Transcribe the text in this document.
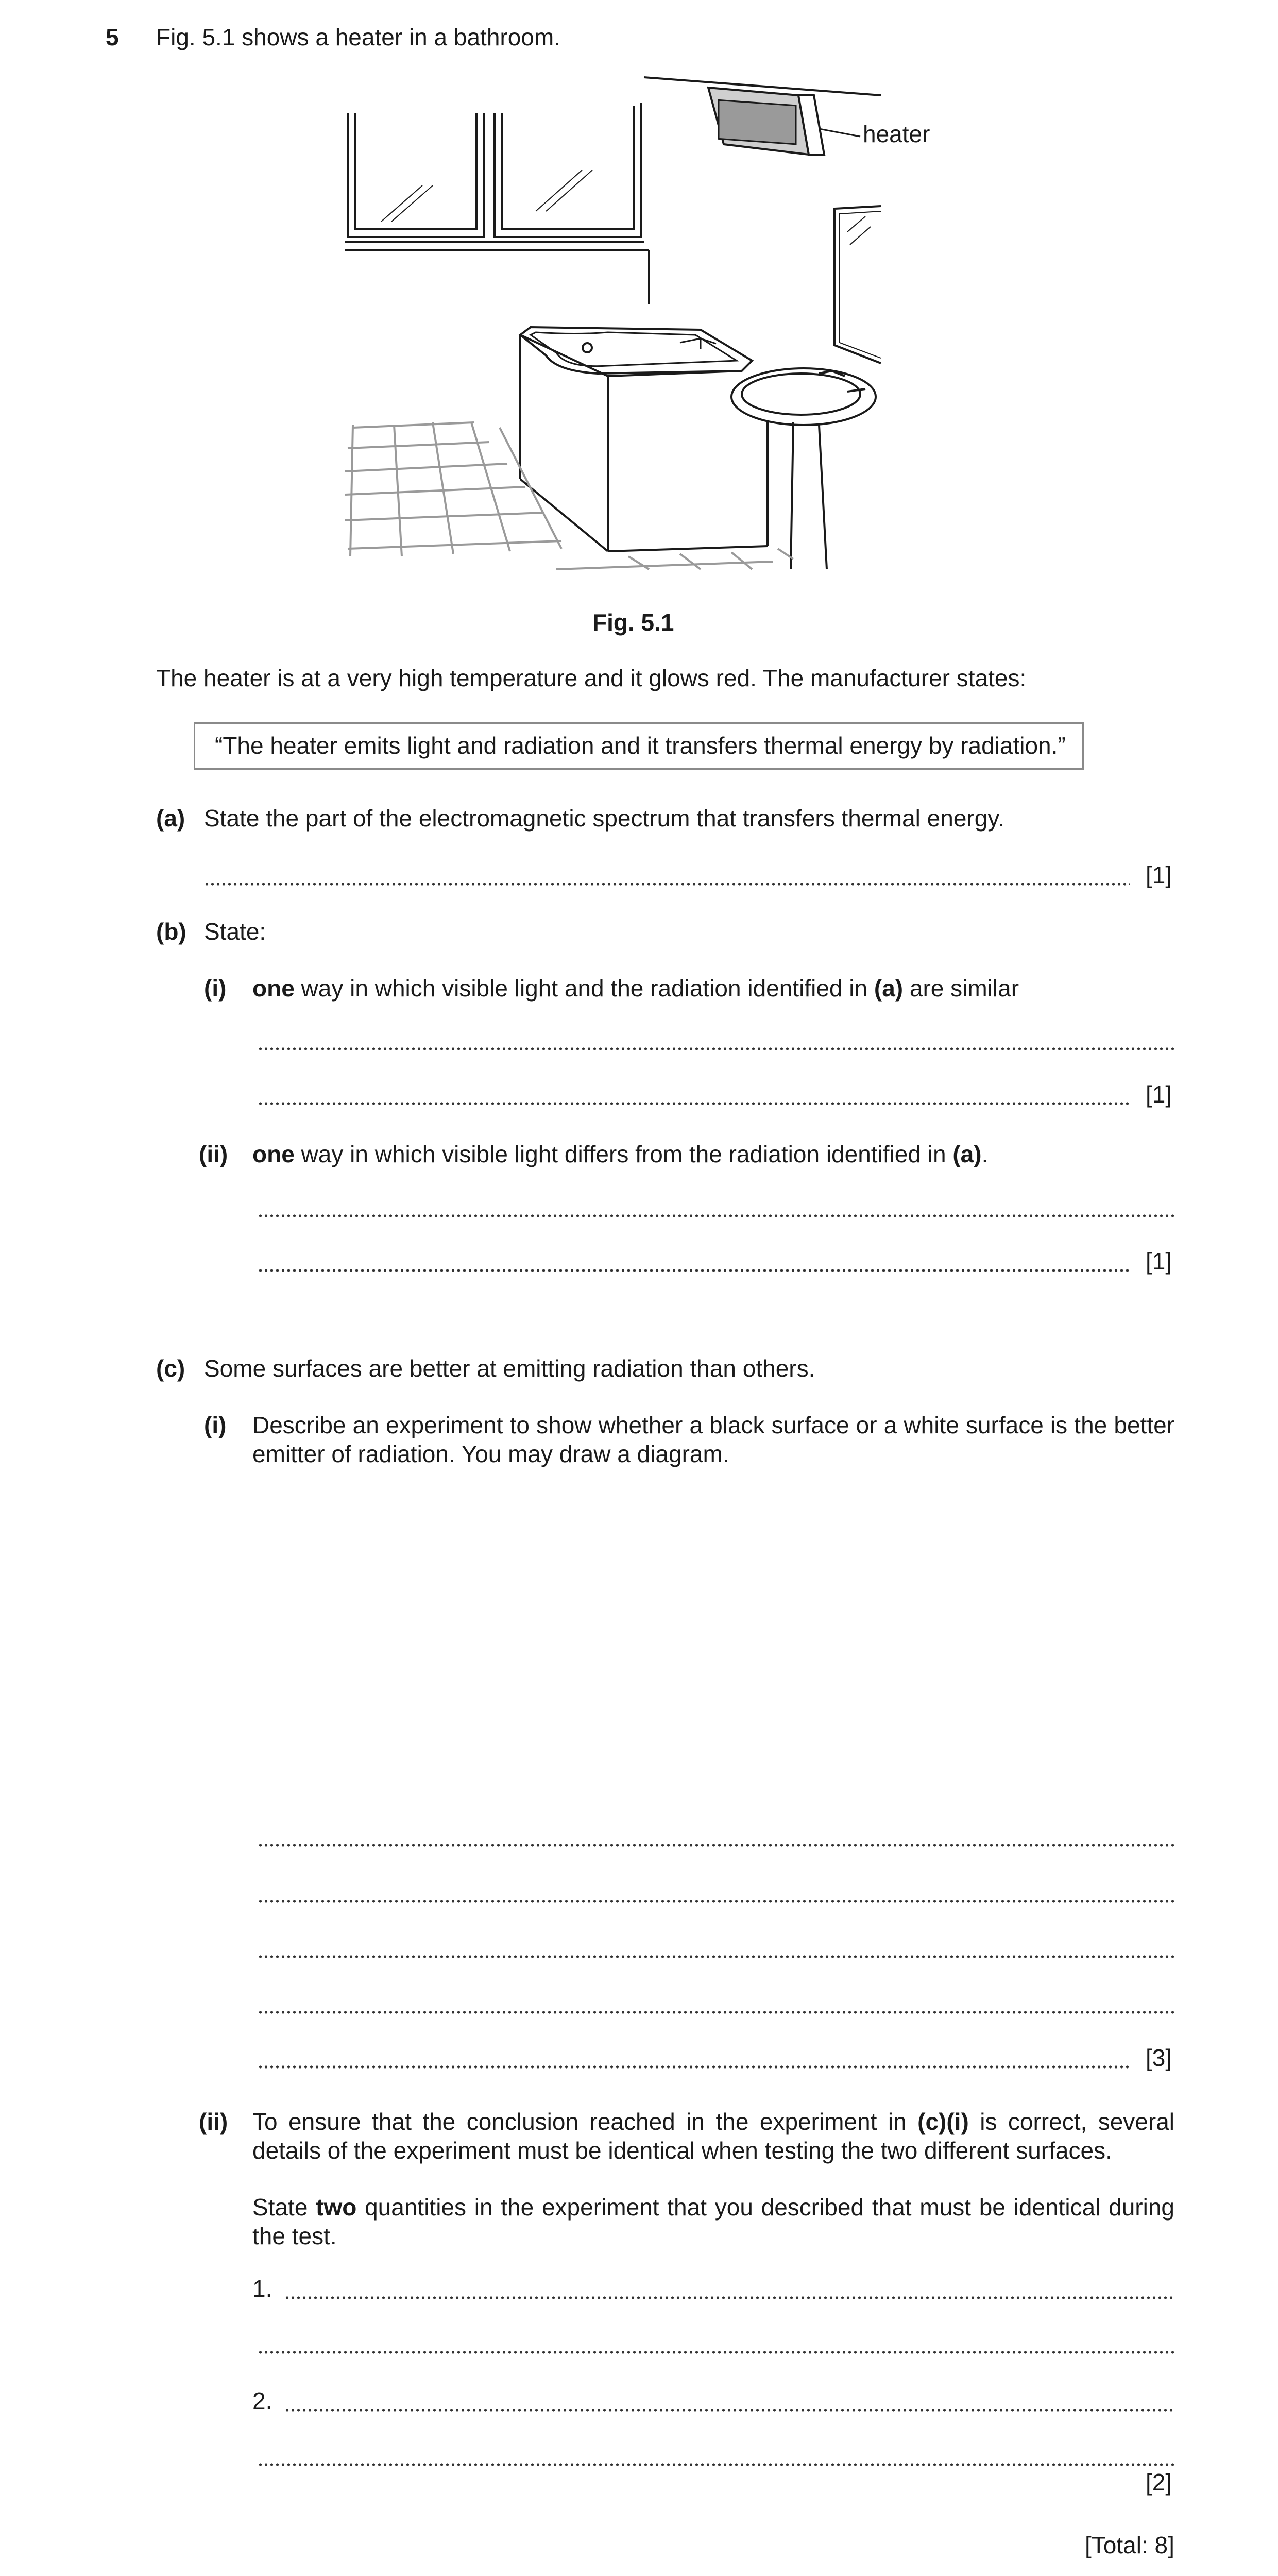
5 Fig. 5.1 shows a heater in a bathroom.
heater
Fig. 5.1
The heater is at a very high temperature and it glows red. The manufacturer states:
“The heater emits light and radiation and it transfers thermal energy by radiation.”
(a) State the part of the electromagnetic spectrum that transfers thermal energy.
[1]
(b) State:
(i) one way in which visible light and the radiation identified in (a) are similar
[1]
(ii) one way in which visible light differs from the radiation identified in (a).
[1]
(c) Some surfaces are better at emitting radiation than others.
(i) Describe an experiment to show whether a black surface or a white surface is the better emitter of radiation. You may draw a diagram.
[3]
(ii) To ensure that the conclusion reached in the experiment in (c)(i) is correct, several details of the experiment must be identical when testing the two different surfaces.
State two quantities in the experiment that you described that must be identical during the test.
1.
2.
[2]
[Total: 8]
